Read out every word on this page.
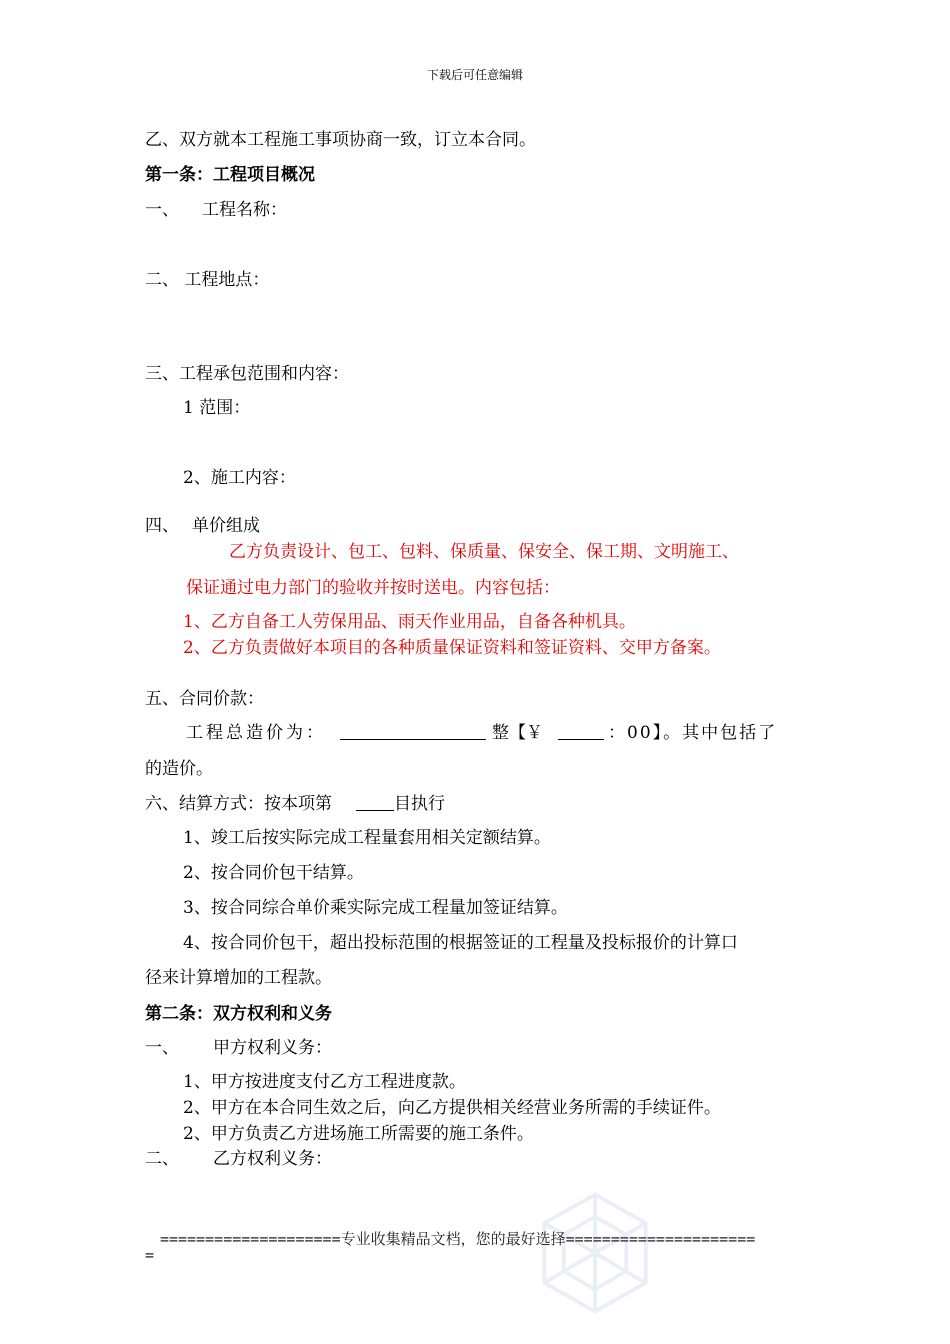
下载后可任意编辑
乙、双方就本工程施工事项协商一致，订立本合同。
第一条：工程项目概况
一、 工程名称：
二、 工程地点：
三、工程承包范围和内容：
1 范围：
2、施工内容：
四、 单价组成
乙方负责设计、包工、包料、保质量、保安全、保工期、文明施工、
保证通过电力部门的验收并按时送电。内容包括：
1、乙方自备工人劳保用品、雨天作业用品，自备各种机具。
2、乙方负责做好本项目的各种质量保证资料和签证资料、交甲方备案。
五、合同价款：
工程总造价为：	整【￥	：00】。其中包括了
的造价。
六、结算方式：按本项第	目执行
1、竣工后按实际完成工程量套用相关定额结算。
2、按合同价包干结算。
3、按合同综合单价乘实际完成工程量加签证结算。
4、按合同价包干，超出投标范围的根据签证的工程量及投标报价的计算口
径来计算增加的工程款。
第二条：双方权利和义务
一、 甲方权利义务：
1、甲方按进度支付乙方工程进度款。
2、甲方在本合同生效之后，向乙方提供相关经营业务所需的手续证件。
2、甲方负责乙方进场施工所需要的施工条件。
二、 乙方权利义务：
====================专业收集精品文档，您的最好选择=====================
=
